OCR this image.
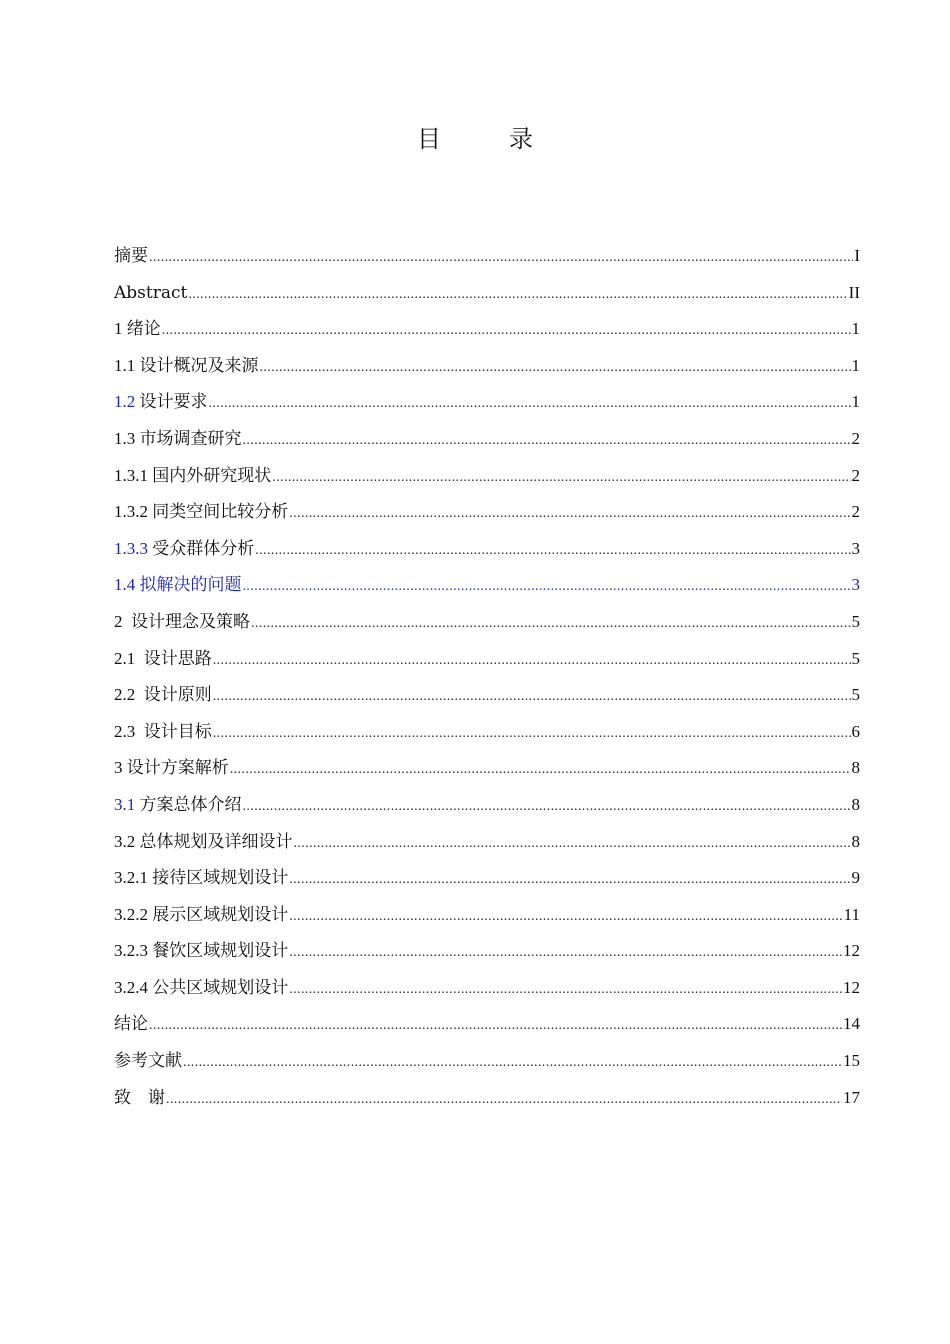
目　录
摘要 .....	I
Abstract .....	II
1 绪论 .....	1
1.1 设计概况及来源 .....	1
1.2 设计要求 .....	1
1.3 市场调查研究 .....	2
1.3.1 国内外研究现状 .....	2
1.3.2 同类空间比较分析 .....	2
1.3.3 受众群体分析 .....	3
1.4 拟解决的问题 .....	3
2  设计理念及策略 .....	5
2.1  设计思路 .....	5
2.2  设计原则 .....	5
2.3  设计目标 .....	6
3 设计方案解析 .....	8
3.1 方案总体介绍 .....	8
3.2 总体规划及详细设计 .....	8
3.2.1 接待区域规划设计 .....	9
3.2.2 展示区域规划设计 .....	11
3.2.3 餐饮区域规划设计 .....	12
3.2.4 公共区域规划设计 .....	12
结论 .....	14
参考文献 .....	15
致　谢 .....	17
